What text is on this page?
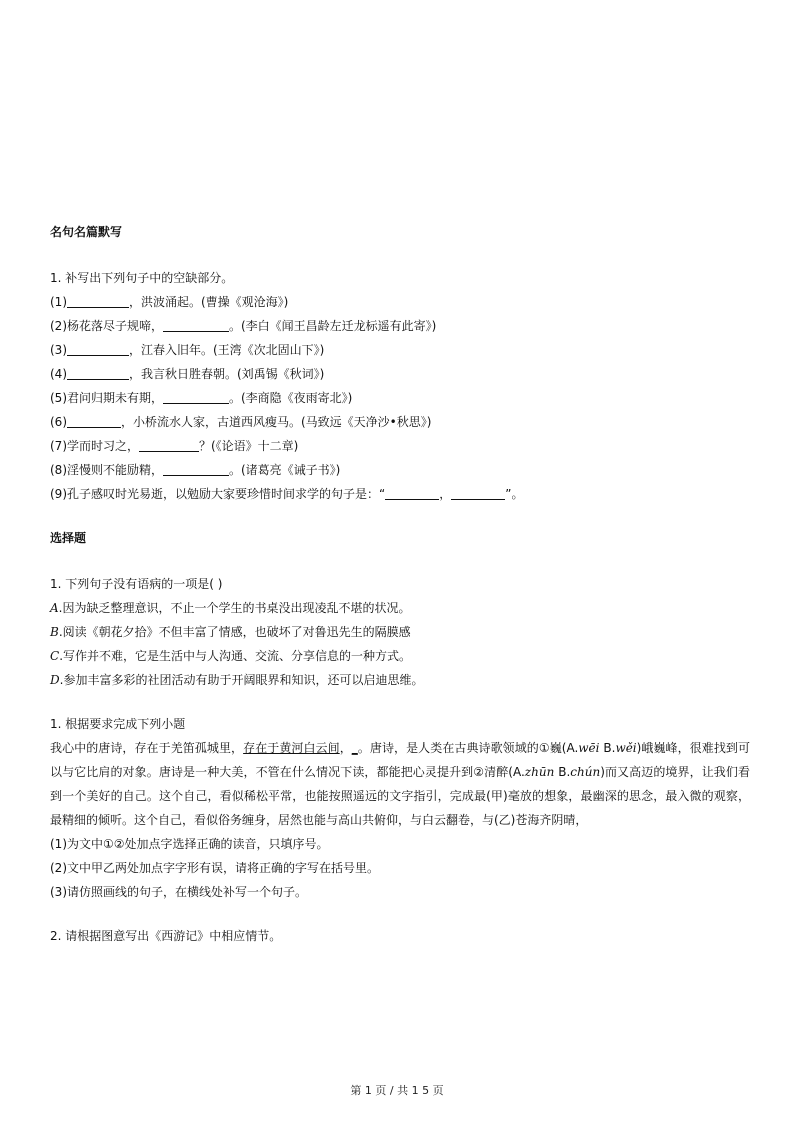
名句名篇默写

1. 补写出下列句子中的空缺部分。

(1)	，洪波涌起。(曹操《观沧海》)

(2)杨花落尽子规啼，	。(李白《闻王昌龄左迁龙标遥有此寄》)

(3)	，江春入旧年。(王湾《次北固山下》)

(4)	，我言秋日胜春朝。(刘禹锡《秋词》)

(5)君问归期未有期，	。(李商隐《夜雨寄北》)

(6)	，小桥流水人家，古道西风瘦马。(马致远《天净沙•秋思》)

(7)学而时习之，	？(《论语》十二章)

(8)淫慢则不能励精，	。(诸葛亮《诫子书》)

(9)孔子感叹时光易逝，以勉励大家要珍惜时间求学的句子是：“	，	”。

选择题

1. 下列句子没有语病的一项是( )

A.因为缺乏整理意识，不止一个学生的书桌没出现凌乱不堪的状况。

B.阅读《朝花夕拾》不但丰富了情感，也破坏了对鲁迅先生的隔膜感

C.写作并不难，它是生活中与人沟通、交流、分享信息的一种方式。

D.参加丰富多彩的社团活动有助于开阔眼界和知识，还可以启迪思维。

1. 根据要求完成下列小题

我心中的唐诗，存在于羌笛孤城里，存在于黄河白云间，_。唐诗，是人类在古典诗歌领域的①巍(A.wēi B.wěi)峨巍峰，很难找到可以与它比肩的对象。唐诗是一种大美，不管在什么情况下读，都能把心灵提升到②清醉(A.zhūn B.chún)而又高迈的境界，让我们看到一个美好的自己。这个自己，看似稀松平常，也能按照遥远的文字指引，完成最(甲)毫放的想象，最幽深的思念，最入微的观察，最精细的倾听。这个自己，看似俗务缠身，居然也能与高山共俯仰，与白云翻卷，与(乙)苍海齐阴晴，

(1)为文中①②处加点字选择正确的读音，只填序号。

(2)文中甲乙两处加点字字形有误，请将正确的字写在括号里。

(3)请仿照画线的句子，在横线处补写一个句子。

2. 请根据图意写出《西游记》中相应情节。

第 1 页 / 共 1 5 页
